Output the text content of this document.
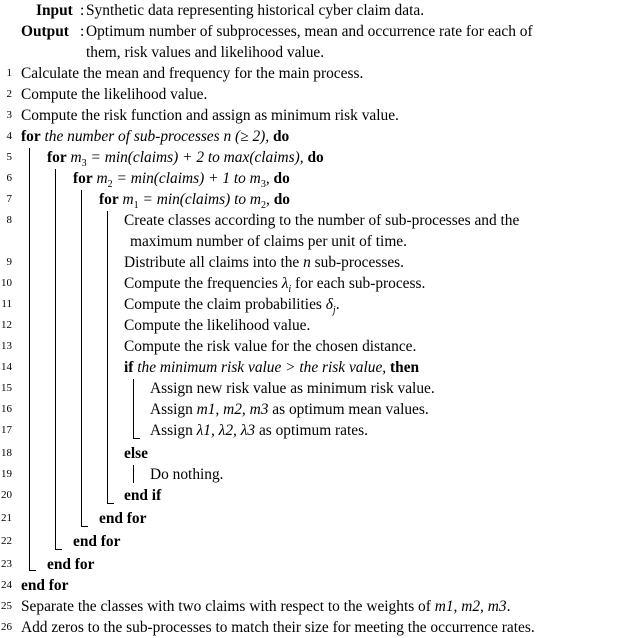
Input : Synthetic data representing historical cyber claim data.
Output : Optimum number of subprocesses, mean and occurrence rate for each of
them, risk values and likelihood value.
1 Calculate the mean and frequency for the main process.
2 Compute the likelihood value.
3 Compute the risk function and assign as minimum risk value.
4 for the number of sub-processes n (≥ 2), do
5 for $m_3$ = min(claims) + 2 to max(claims), do
6	for $m_2$ = min(claims) + 1 to $m_3$, do
7	for $m_1$ = min(claims) to $m_2$, do
8	Create classes according to the number of sub-processes and the
maximum number of claims per unit of time.
9	Distribute all claims into the n sub-processes.
10	Compute the frequencies $\lambda_i$ for each sub-process.
11	Compute the claim probabilities $\delta_j$.
12	Compute the likelihood value.
13	Compute the risk value for the chosen distance.
14	if the minimum risk value > the risk value, then
15	Assign new risk value as minimum risk value.
16	Assign m1, m2, m3 as optimum mean values.
17	Assign λ1, λ2, λ3 as optimum rates.
18	else
19	Do nothing.
20	end if
21	end for
22	end for
23 end for
24 end for
25 Separate the classes with two claims with respect to the weights of m1, m2, m3.
26 Add zeros to the sub-processes to match their size for meeting the occurrence rates.
